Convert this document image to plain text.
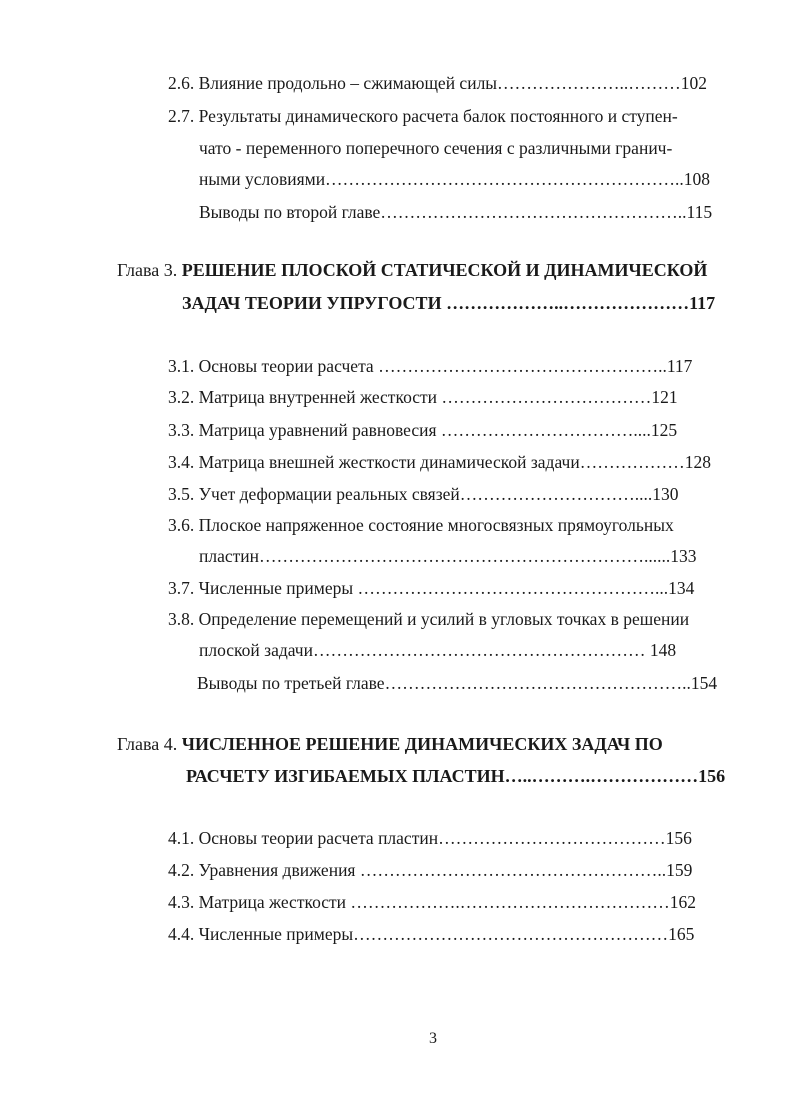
2.6. Влияние продольно – сжимающей силы…………………..………102
2.7. Результаты динамического расчета балок постоянного и ступен-
чато - переменного поперечного сечения с различными гранич-
ными условиями……………………………………………………..108
Выводы по второй главе……………………………………………..115
Глава 3. РЕШЕНИЕ ПЛОСКОЙ СТАТИЧЕСКОЙ И ДИНАМИЧЕСКОЙ
ЗАДАЧ ТЕОРИИ УПРУГОСТИ ………………..…………………117
3.1. Основы теории расчета …………………………………………..117
3.2. Матрица внутренней жесткости ………………………………121
3.3. Матрица уравнений равновесия ……………………………....125
3.4. Матрица внешней жесткости динамической задачи………………128
3.5. Учет деформации реальных связей…………………………....130
3.6. Плоское напряженное состояние многосвязных прямоугольных
пластин…………………………………………………………......133
3.7. Численные примеры ……………………………………………...134
3.8. Определение перемещений и усилий в угловых точках в решении
плоской задачи………………………………………………… 148
Выводы по третьей главе……………………………………………..154
Глава 4. ЧИСЛЕННОЕ РЕШЕНИЕ ДИНАМИЧЕСКИХ ЗАДАЧ ПО
РАСЧЕТУ ИЗГИБАЕМЫХ ПЛАСТИН…..……….………………156
4.1. Основы теории расчета пластин…………………………………156
4.2. Уравнения движения ……………………………………………..159
4.3. Матрица жесткости ……………….………………………………162
4.4. Численные примеры………………………………………………165
3
